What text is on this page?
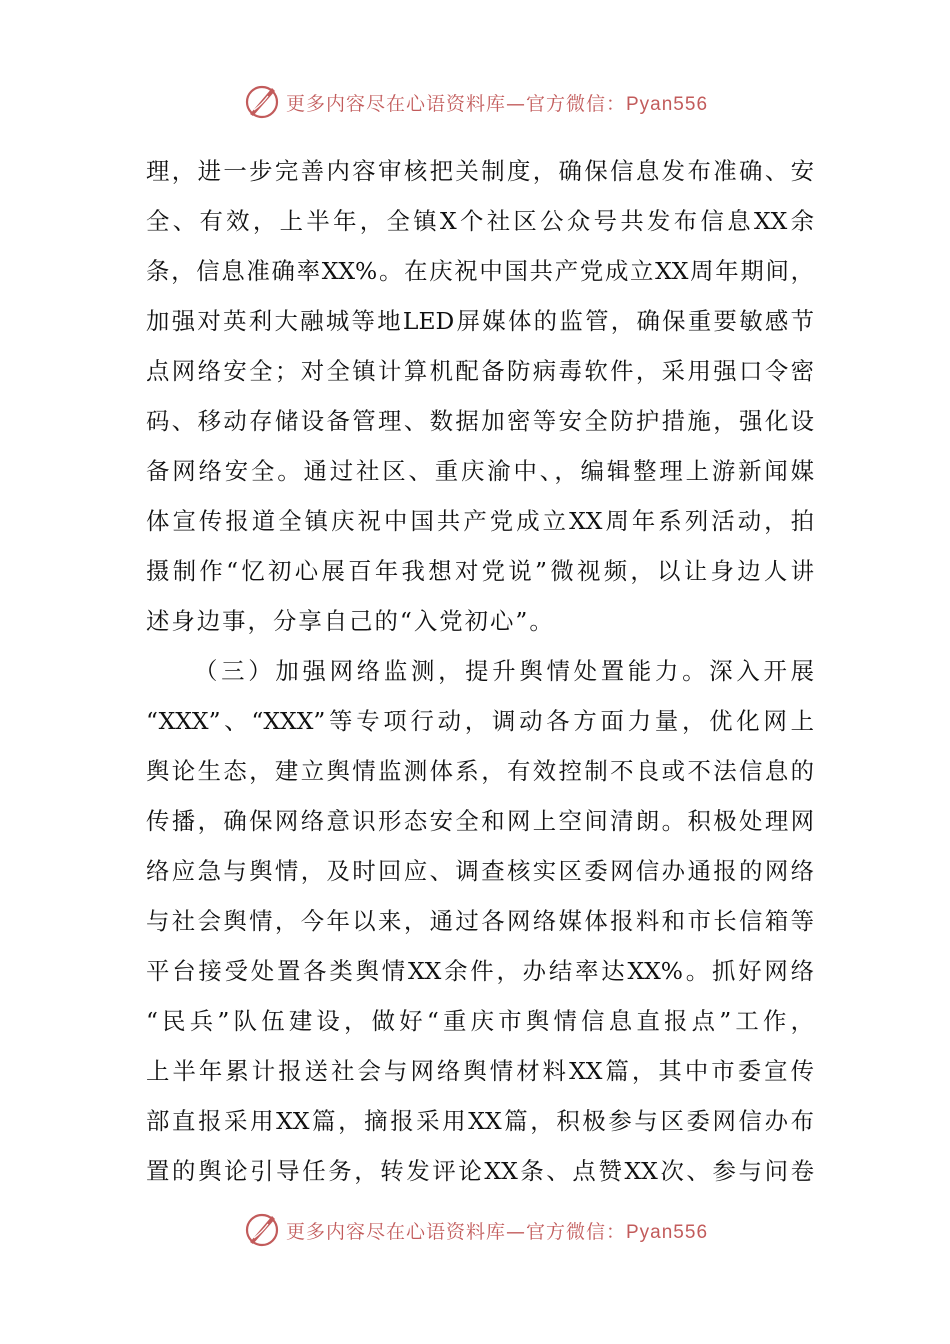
更多内容尽在心语资料库—官方微信：Pyan556
理，进一步完善内容审核把关制度，确保信息发布准确、安
全、有效，上半年，全镇X个社区公众号共发布信息XX余
条，信息准确率XX%。在庆祝中国共产党成立XX周年期间，
加强对英利大融城等地LED屏媒体的监管，确保重要敏感节
点网络安全；对全镇计算机配备防病毒软件，采用强口令密
码、移动存储设备管理、数据加密等安全防护措施，强化设
备网络安全。通过社区、重庆渝中、，编辑整理上游新闻媒
体宣传报道全镇庆祝中国共产党成立XX周年系列活动，拍
摄制作“忆初心展百年我想对党说”微视频，以让身边人讲
述身边事，分享自己的“入党初心”。
（三）加强网络监测，提升舆情处置能力。深入开展
“XXX”、“XXX”等专项行动，调动各方面力量，优化网上
舆论生态，建立舆情监测体系，有效控制不良或不法信息的
传播，确保网络意识形态安全和网上空间清朗。积极处理网
络应急与舆情，及时回应、调查核实区委网信办通报的网络
与社会舆情，今年以来，通过各网络媒体报料和市长信箱等
平台接受处置各类舆情XX余件，办结率达XX%。抓好网络
“民兵”队伍建设，做好“重庆市舆情信息直报点”工作，
上半年累计报送社会与网络舆情材料XX篇，其中市委宣传
部直报采用XX篇，摘报采用XX篇，积极参与区委网信办布
置的舆论引导任务，转发评论XX条、点赞XX次、参与问卷
更多内容尽在心语资料库—官方微信：Pyan556
